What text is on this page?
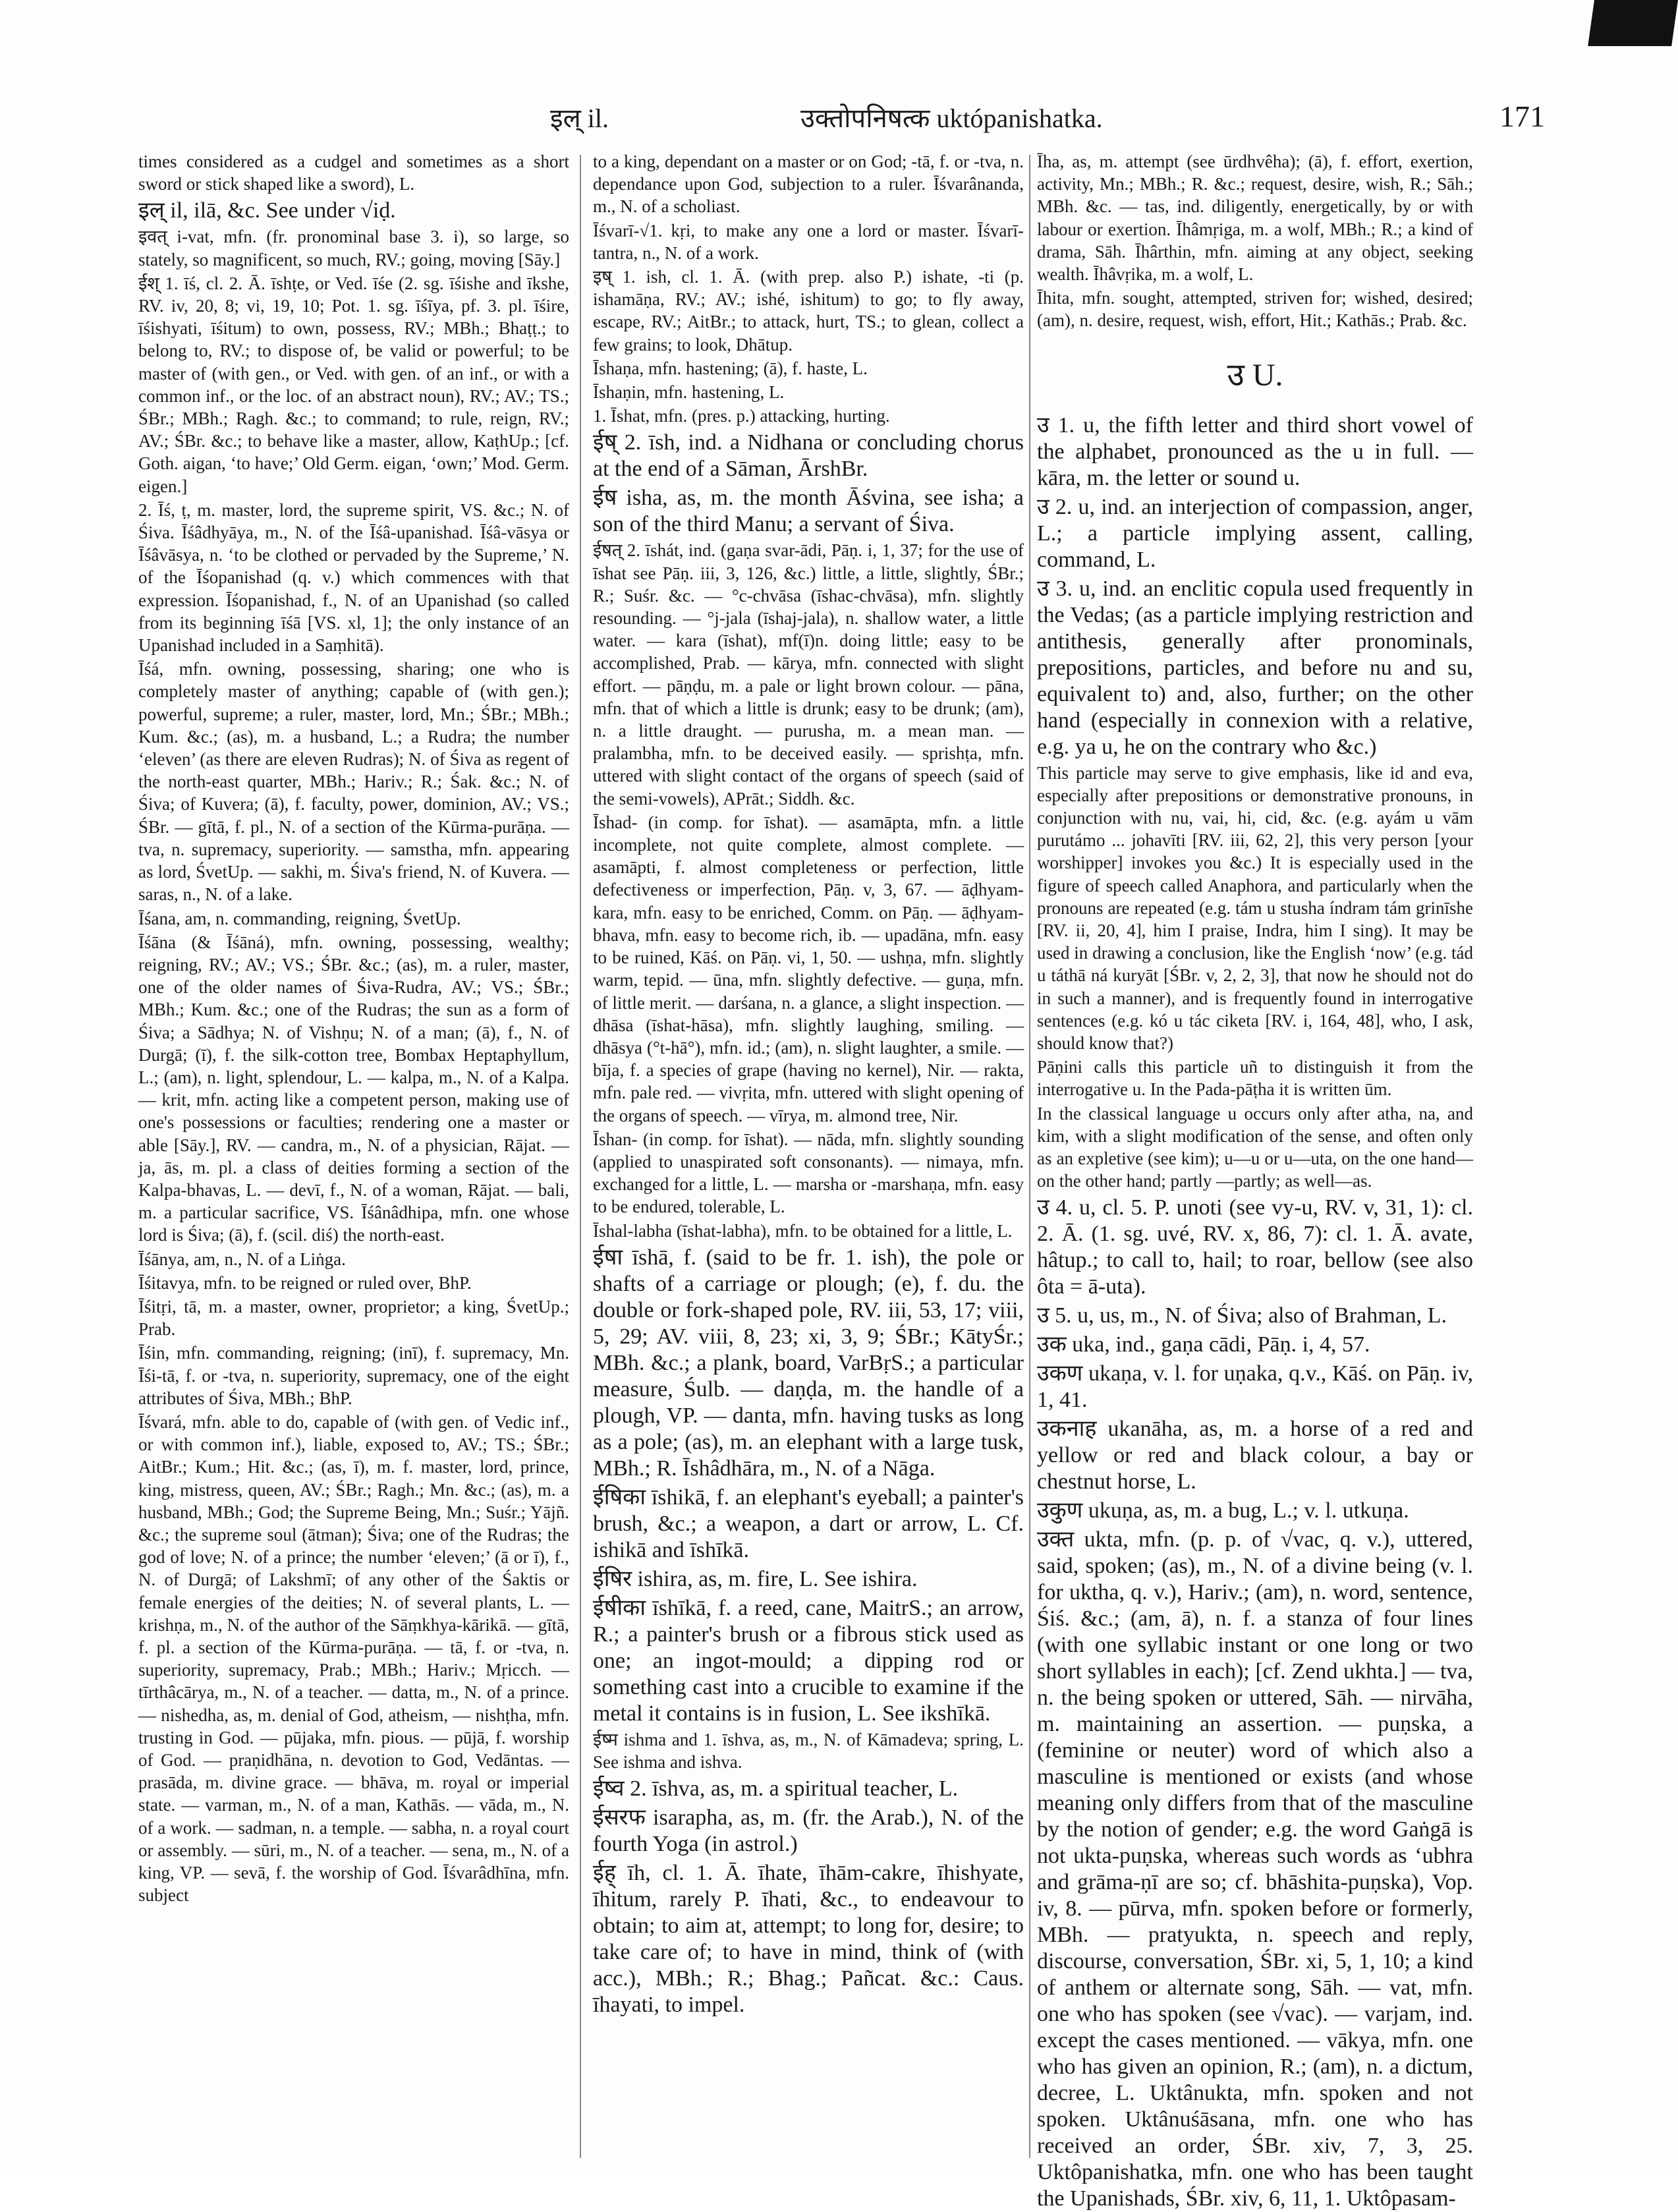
इल् il.	उक्तोपनिषत्क uktópanishatka.	171

times considered as a cudgel and sometimes as a short sword or stick shaped like a sword), L.

इल् il, ilā, &c. See under √iḍ.

इवत् i-vat, mfn. (fr. pronominal base 3. i), so large, so stately, so magnificent, so much, RV.; going, moving [Sāy.]

ईश् 1. īś, cl. 2. Ā. īshṭe, or Ved. īśe (2. sg. īśishe and īkshe, RV. iv, 20, 8; vi, 19, 10; Pot. 1. sg. īśīya, pf. 3. pl. īśire, īśishyati, īśitum) to own, possess, RV.; MBh.; Bhaṭṭ.; to belong to, RV.; to dispose of, be valid or powerful; to be master of (with gen., or Ved. with gen. of an inf., or with a common inf., or the loc. of an abstract noun), RV.; AV.; TS.; ŚBr.; MBh.; Ragh. &c.; to command; to rule, reign, RV.; AV.; ŚBr. &c.; to behave like a master, allow, KaṭhUp.; [cf. Goth. aigan, ‘to have;’ Old Germ. eigan, ‘own;’ Mod. Germ. eigen.]

2. Īś, ṭ, m. master, lord, the supreme spirit, VS. &c.; N. of Śiva. Īśâdhyāya, m., N. of the Īśâ-upanishad. Īśâ-vāsya or Īśâvāsya, n. ‘to be clothed or pervaded by the Supreme,’ N. of the Īśopanishad (q. v.) which commences with that expression. Īśopanishad, f., N. of an Upanishad (so called from its beginning īśā [VS. xl, 1]; the only instance of an Upanishad included in a Saṃhitā).

Īśá, mfn. owning, possessing, sharing; one who is completely master of anything; capable of (with gen.); powerful, supreme; a ruler, master, lord, Mn.; ŚBr.; MBh.; Kum. &c.; (as), m. a husband, L.; a Rudra; the number ‘eleven’ (as there are eleven Rudras); N. of Śiva as regent of the north-east quarter, MBh.; Hariv.; R.; Śak. &c.; N. of Śiva; of Kuvera; (ā), f. faculty, power, dominion, AV.; VS.; ŚBr. — gītā, f. pl., N. of a section of the Kūrma-purāṇa. — tva, n. supremacy, superiority. — samstha, mfn. appearing as lord, ŚvetUp. — sakhi, m. Śiva's friend, N. of Kuvera. — saras, n., N. of a lake.

Īśana, am, n. commanding, reigning, ŚvetUp.

Īśāna (& Īśāná), mfn. owning, possessing, wealthy; reigning, RV.; AV.; VS.; ŚBr. &c.; (as), m. a ruler, master, one of the older names of Śiva-Rudra, AV.; VS.; ŚBr.; MBh.; Kum. &c.; one of the Rudras; the sun as a form of Śiva; a Sādhya; N. of Vishṇu; N. of a man; (ā), f., N. of Durgā; (ī), f. the silk-cotton tree, Bombax Heptaphyllum, L.; (am), n. light, splendour, L. — kalpa, m., N. of a Kalpa. — krit, mfn. acting like a competent person, making use of one's possessions or faculties; rendering one a master or able [Sāy.], RV. — candra, m., N. of a physician, Rājat. — ja, ās, m. pl. a class of deities forming a section of the Kalpa-bhavas, L. — devī, f., N. of a woman, Rājat. — bali, m. a particular sacrifice, VS. Īśânâdhipa, mfn. one whose lord is Śiva; (ā), f. (scil. diś) the north-east.

Īśānya, am, n., N. of a Liṅga.

Īśitavya, mfn. to be reigned or ruled over, BhP.

Īśitṛi, tā, m. a master, owner, proprietor; a king, ŚvetUp.; Prab.

Īśin, mfn. commanding, reigning; (inī), f. supremacy, Mn. Īśi-tā, f. or -tva, n. superiority, supremacy, one of the eight attributes of Śiva, MBh.; BhP.

Īśvará, mfn. able to do, capable of (with gen. of Vedic inf., or with common inf.), liable, exposed to, AV.; TS.; ŚBr.; AitBr.; Kum.; Hit. &c.; (as, ī), m. f. master, lord, prince, king, mistress, queen, AV.; ŚBr.; Ragh.; Mn. &c.; (as), m. a husband, MBh.; God; the Supreme Being, Mn.; Suśr.; Yājñ. &c.; the supreme soul (ātman); Śiva; one of the Rudras; the god of love; N. of a prince; the number ‘eleven;’ (ā or ī), f., N. of Durgā; of Lakshmī; of any other of the Śaktis or female energies of the deities; N. of several plants, L. — krishṇa, m., N. of the author of the Sāṃkhya-kārikā. — gītā, f. pl. a section of the Kūrma-purāṇa. — tā, f. or -tva, n. superiority, supremacy, Prab.; MBh.; Hariv.; Mṛicch. — tīrthâcārya, m., N. of a teacher. — datta, m., N. of a prince. — nishedha, as, m. denial of God, atheism, — nishṭha, mfn. trusting in God. — pūjaka, mfn. pious. — pūjā, f. worship of God. — praṇidhāna, n. devotion to God, Vedāntas. — prasāda, m. divine grace. — bhāva, m. royal or imperial state. — varman, m., N. of a man, Kathās. — vāda, m., N. of a work. — sadman, n. a temple. — sabha, n. a royal court or assembly. — sūri, m., N. of a teacher. — sena, m., N. of a king, VP. — sevā, f. the worship of God. Īśvarâdhīna, mfn. subject

to a king, dependant on a master or on God; -tā, f. or -tva, n. dependance upon God, subjection to a ruler. Īśvarânanda, m., N. of a scholiast.

Īśvarī-√1. kṛi, to make any one a lord or master. Īśvarī-tantra, n., N. of a work.

इष् 1. ish, cl. 1. Ā. (with prep. also P.) ishate, -ti (p. ishamāṇa, RV.; AV.; ishé, ishitum) to go; to fly away, escape, RV.; AitBr.; to attack, hurt, TS.; to glean, collect a few grains; to look, Dhātup.

Īshaṇa, mfn. hastening; (ā), f. haste, L.

Īshaṇin, mfn. hastening, L.

1. Īshat, mfn. (pres. p.) attacking, hurting.

ईष् 2. īsh, ind. a Nidhana or concluding chorus at the end of a Sāman, ĀrshBr.

ईष isha, as, m. the month Āśvina, see isha; a son of the third Manu; a servant of Śiva.

ईषत् 2. īshát, ind. (gaṇa svar-ādi, Pāṇ. i, 1, 37; for the use of īshat see Pāṇ. iii, 3, 126, &c.) little, a little, slightly, ŚBr.; R.; Suśr. &c. — °c-chvāsa (īshac-chvāsa), mfn. slightly resounding. — °j-jala (īshaj-jala), n. shallow water, a little water. — kara (īshat), mf(ī)n. doing little; easy to be accomplished, Prab. — kārya, mfn. connected with slight effort. — pāṇḍu, m. a pale or light brown colour. — pāna, mfn. that of which a little is drunk; easy to be drunk; (am), n. a little draught. — purusha, m. a mean man. — pralambha, mfn. to be deceived easily. — sprishṭa, mfn. uttered with slight contact of the organs of speech (said of the semi-vowels), APrāt.; Siddh. &c.

Īshad- (in comp. for īshat). — asamāpta, mfn. a little incomplete, not quite complete, almost complete. — asamāpti, f. almost completeness or perfection, little defectiveness or imperfection, Pāṇ. v, 3, 67. — āḍhyam-kara, mfn. easy to be enriched, Comm. on Pāṇ. — āḍhyam-bhava, mfn. easy to become rich, ib. — upadāna, mfn. easy to be ruined, Kāś. on Pāṇ. vi, 1, 50. — ushṇa, mfn. slightly warm, tepid. — ūna, mfn. slightly defective. — guṇa, mfn. of little merit. — darśana, n. a glance, a slight inspection. — dhāsa (īshat-hāsa), mfn. slightly laughing, smiling. — dhāsya (°t-hā°), mfn. id.; (am), n. slight laughter, a smile. — bīja, f. a species of grape (having no kernel), Nir. — rakta, mfn. pale red. — vivṛita, mfn. uttered with slight opening of the organs of speech. — vīrya, m. almond tree, Nir.

Īshan- (in comp. for īshat). — nāda, mfn. slightly sounding (applied to unaspirated soft consonants). — nimaya, mfn. exchanged for a little, L. — marsha or -marshaṇa, mfn. easy to be endured, tolerable, L.

Īshal-labha (īshat-labha), mfn. to be obtained for a little, L.

ईषा īshā, f. (said to be fr. 1. ish), the pole or shafts of a carriage or plough; (e), f. du. the double or fork-shaped pole, RV. iii, 53, 17; viii, 5, 29; AV. viii, 8, 23; xi, 3, 9; ŚBr.; KātyŚr.; MBh. &c.; a plank, board, VarBṛS.; a particular measure, Śulb. — daṇḍa, m. the handle of a plough, VP. — danta, mfn. having tusks as long as a pole; (as), m. an elephant with a large tusk, MBh.; R. Īshâdhāra, m., N. of a Nāga.

ईषिका īshikā, f. an elephant's eyeball; a painter's brush, &c.; a weapon, a dart or arrow, L. Cf. ishikā and īshīkā.

ईषिर ishira, as, m. fire, L. See ishira.

ईषीका īshīkā, f. a reed, cane, MaitrS.; an arrow, R.; a painter's brush or a fibrous stick used as one; an ingot-mould; a dipping rod or something cast into a crucible to examine if the metal it contains is in fusion, L. See ikshīkā.

ईष्म ishma and 1. īshva, as, m., N. of Kāmadeva; spring, L. See ishma and ishva.

ईष्व 2. īshva, as, m. a spiritual teacher, L.

ईसरफ isarapha, as, m. (fr. the Arab.), N. of the fourth Yoga (in astrol.)

ईह् īh, cl. 1. Ā. īhate, īhām-cakre, īhishyate, īhitum, rarely P. īhati, &c., to endeavour to obtain; to aim at, attempt; to long for, desire; to take care of; to have in mind, think of (with acc.), MBh.; R.; Bhag.; Pañcat. &c.: Caus. īhayati, to impel.

Īha, as, m. attempt (see ūrdhvêha); (ā), f. effort, exertion, activity, Mn.; MBh.; R. &c.; request, desire, wish, R.; Sāh.; MBh. &c. — tas, ind. diligently, energetically, by or with labour or exertion. Īhâmṛiga, m. a wolf, MBh.; R.; a kind of drama, Sāh. Īhârthin, mfn. aiming at any object, seeking wealth. Īhâvṛika, m. a wolf, L.

Īhita, mfn. sought, attempted, striven for; wished, desired; (am), n. desire, request, wish, effort, Hit.; Kathās.; Prab. &c.

उ U.

उ 1. u, the fifth letter and third short vowel of the alphabet, pronounced as the u in full. — kāra, m. the letter or sound u.

उ 2. u, ind. an interjection of compassion, anger, L.; a particle implying assent, calling, command, L.

उ 3. u, ind. an enclitic copula used frequently in the Vedas; (as a particle implying restriction and antithesis, generally after pronominals, prepositions, particles, and before nu and su, equivalent to) and, also, further; on the other hand (especially in connexion with a relative, e.g. ya u, he on the contrary who &c.)

This particle may serve to give emphasis, like id and eva, especially after prepositions or demonstrative pronouns, in conjunction with nu, vai, hi, cid, &c. (e.g. ayám u vām purutámo ... johavīti [RV. iii, 62, 2], this very person [your worshipper] invokes you &c.) It is especially used in the figure of speech called Anaphora, and particularly when the pronouns are repeated (e.g. tám u stusha índram tám grinīshe [RV. ii, 20, 4], him I praise, Indra, him I sing). It may be used in drawing a conclusion, like the English ‘now’ (e.g. tád u táthā ná kuryāt [ŚBr. v, 2, 2, 3], that now he should not do in such a manner), and is frequently found in interrogative sentences (e.g. kó u tác ciketa [RV. i, 164, 48], who, I ask, should know that?)

Pāṇini calls this particle uñ to distinguish it from the interrogative u. In the Pada-pāṭha it is written ūm.

In the classical language u occurs only after atha, na, and kim, with a slight modification of the sense, and often only as an expletive (see kim); u—u or u—uta, on the one hand—on the other hand; partly —partly; as well—as.

उ 4. u, cl. 5. P. unoti (see vy-u, RV. v, 31, 1): cl. 2. Ā. (1. sg. uvé, RV. x, 86, 7): cl. 1. Ā. avate, hâtup.; to call to, hail; to roar, bellow (see also ôta = ā-uta).

उ 5. u, us, m., N. of Śiva; also of Brahman, L.

उक uka, ind., gaṇa cādi, Pāṇ. i, 4, 57.

उकण ukaṇa, v. l. for uṇaka, q.v., Kāś. on Pāṇ. iv, 1, 41.

उकनाह ukanāha, as, m. a horse of a red and yellow or red and black colour, a bay or chestnut horse, L.

उकुण ukuṇa, as, m. a bug, L.; v. l. utkuṇa.

उक्त ukta, mfn. (p. p. of √vac, q. v.), uttered, said, spoken; (as), m., N. of a divine being (v. l. for uktha, q. v.), Hariv.; (am), n. word, sentence, Śiś. &c.; (am, ā), n. f. a stanza of four lines (with one syllabic instant or one long or two short syllables in each); [cf. Zend ukhta.] — tva, n. the being spoken or uttered, Sāh. — nirvāha, m. maintaining an assertion. — puṇska, a (feminine or neuter) word of which also a masculine is mentioned or exists (and whose meaning only differs from that of the masculine by the notion of gender; e.g. the word Gaṅgā is not ukta-puṇska, whereas such words as ‘ubhra and grāma-ṇī are so; cf. bhāshita-puṇska), Vop. iv, 8. — pūrva, mfn. spoken before or formerly, MBh. — pratyukta, n. speech and reply, discourse, conversation, ŚBr. xi, 5, 1, 10; a kind of anthem or alternate song, Sāh. — vat, mfn. one who has spoken (see √vac). — varjam, ind. except the cases mentioned. — vākya, mfn. one who has given an opinion, R.; (am), n. a dictum, decree, L. Uktânukta, mfn. spoken and not spoken. Uktânuśāsana, mfn. one who has received an order, ŚBr. xiv, 7, 3, 25. Uktôpanishatka, mfn. one who has been taught the Upanishads, ŚBr. xiv, 6, 11, 1. Uktôpasam-
